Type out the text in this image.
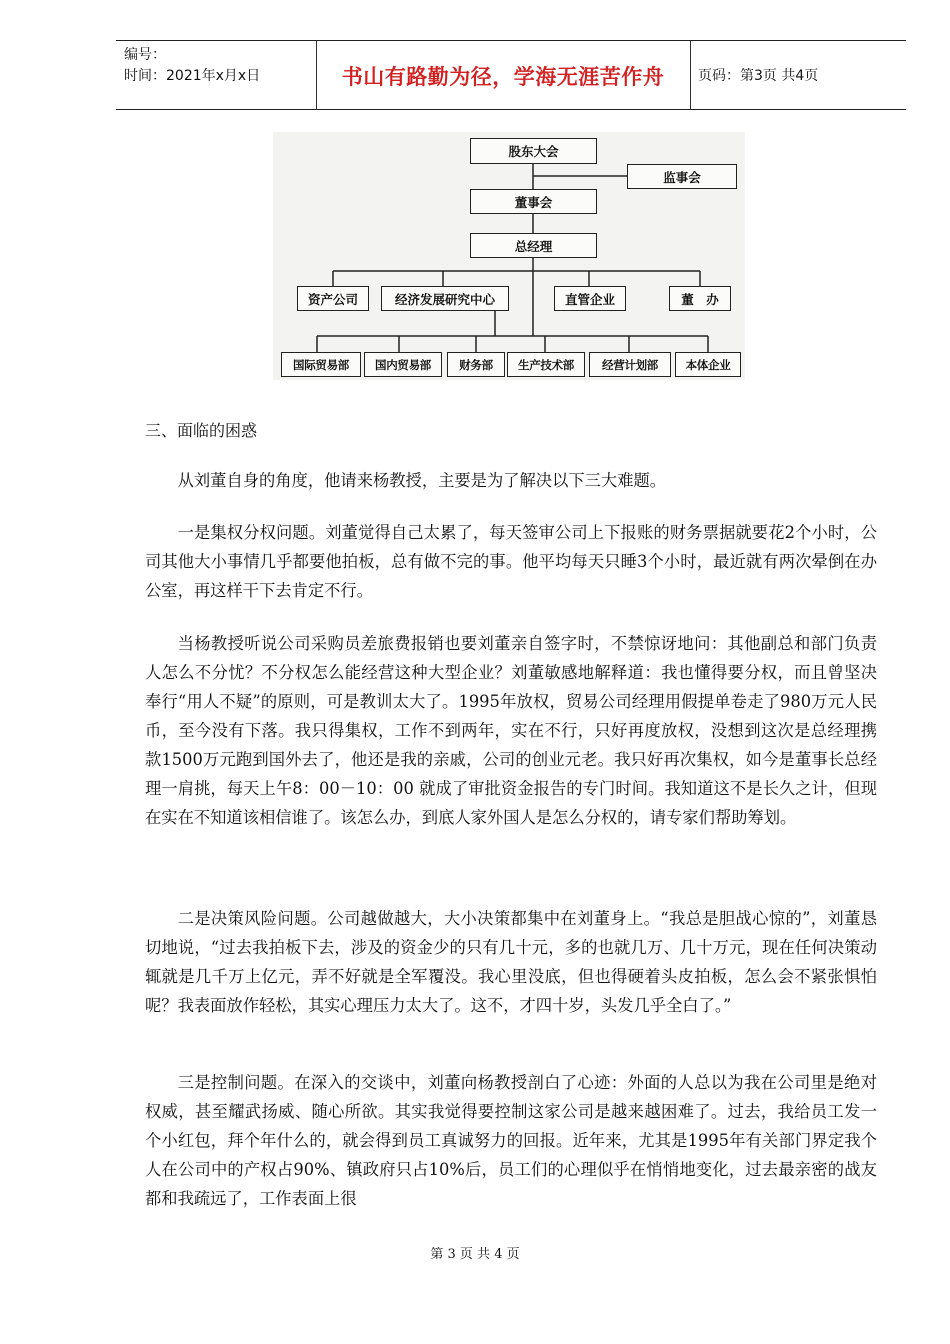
编号：
时间：2021年x月x日	书山有路勤为径，学海无涯苦作舟	页码：第3页 共4页
股东大会
监事会
董事会
总经理
资产公司	经济发展研究中心	直管企业	董　办
国际贸易部	国内贸易部	财务部	生产技术部	经营计划部	本体企业
三、面临的困惑

从刘董自身的角度，他请来杨教授，主要是为了解决以下三大难题。

一是集权分权问题。刘董觉得自己太累了，每天签审公司上下报账的财务票据就要花2个小时，公司其他大小事情几乎都要他拍板，总有做不完的事。他平均每天只睡3个小时，最近就有两次晕倒在办公室，再这样干下去肯定不行。

当杨教授听说公司采购员差旅费报销也要刘董亲自签字时，不禁惊讶地问：其他副总和部门负责人怎么不分忧？不分权怎么能经营这种大型企业？刘董敏感地解释道：我也懂得要分权，而且曾坚决奉行“用人不疑”的原则，可是教训太大了。1995年放权，贸易公司经理用假提单卷走了980万元人民币，至今没有下落。我只得集权，工作不到两年，实在不行，只好再度放权，没想到这次是总经理携款1500万元跑到国外去了，他还是我的亲戚，公司的创业元老。我只好再次集权，如今是董事长总经理一肩挑，每天上午8：00－10：00 就成了审批资金报告的专门时间。我知道这不是长久之计，但现在实在不知道该相信谁了。该怎么办，到底人家外国人是怎么分权的，请专家们帮助筹划。

二是决策风险问题。公司越做越大，大小决策都集中在刘董身上。“我总是胆战心惊的”，刘董恳切地说，“过去我拍板下去，涉及的资金少的只有几十元，多的也就几万、几十万元，现在任何决策动辄就是几千万上亿元，弄不好就是全军覆没。我心里没底，但也得硬着头皮拍板，怎么会不紧张惧怕呢？我表面放作轻松，其实心理压力太大了。这不，才四十岁，头发几乎全白了。”

三是控制问题。在深入的交谈中，刘董向杨教授剖白了心迹：外面的人总以为我在公司里是绝对权威，甚至耀武扬威、随心所欲。其实我觉得要控制这家公司是越来越困难了。过去，我给员工发一个小红包，拜个年什么的，就会得到员工真诚努力的回报。近年来，尤其是1995年有关部门界定我个人在公司中的产权占90%、镇政府只占10%后，员工们的心理似乎在悄悄地变化，过去最亲密的战友都和我疏远了，工作表面上很

第 3 页 共 4 页
